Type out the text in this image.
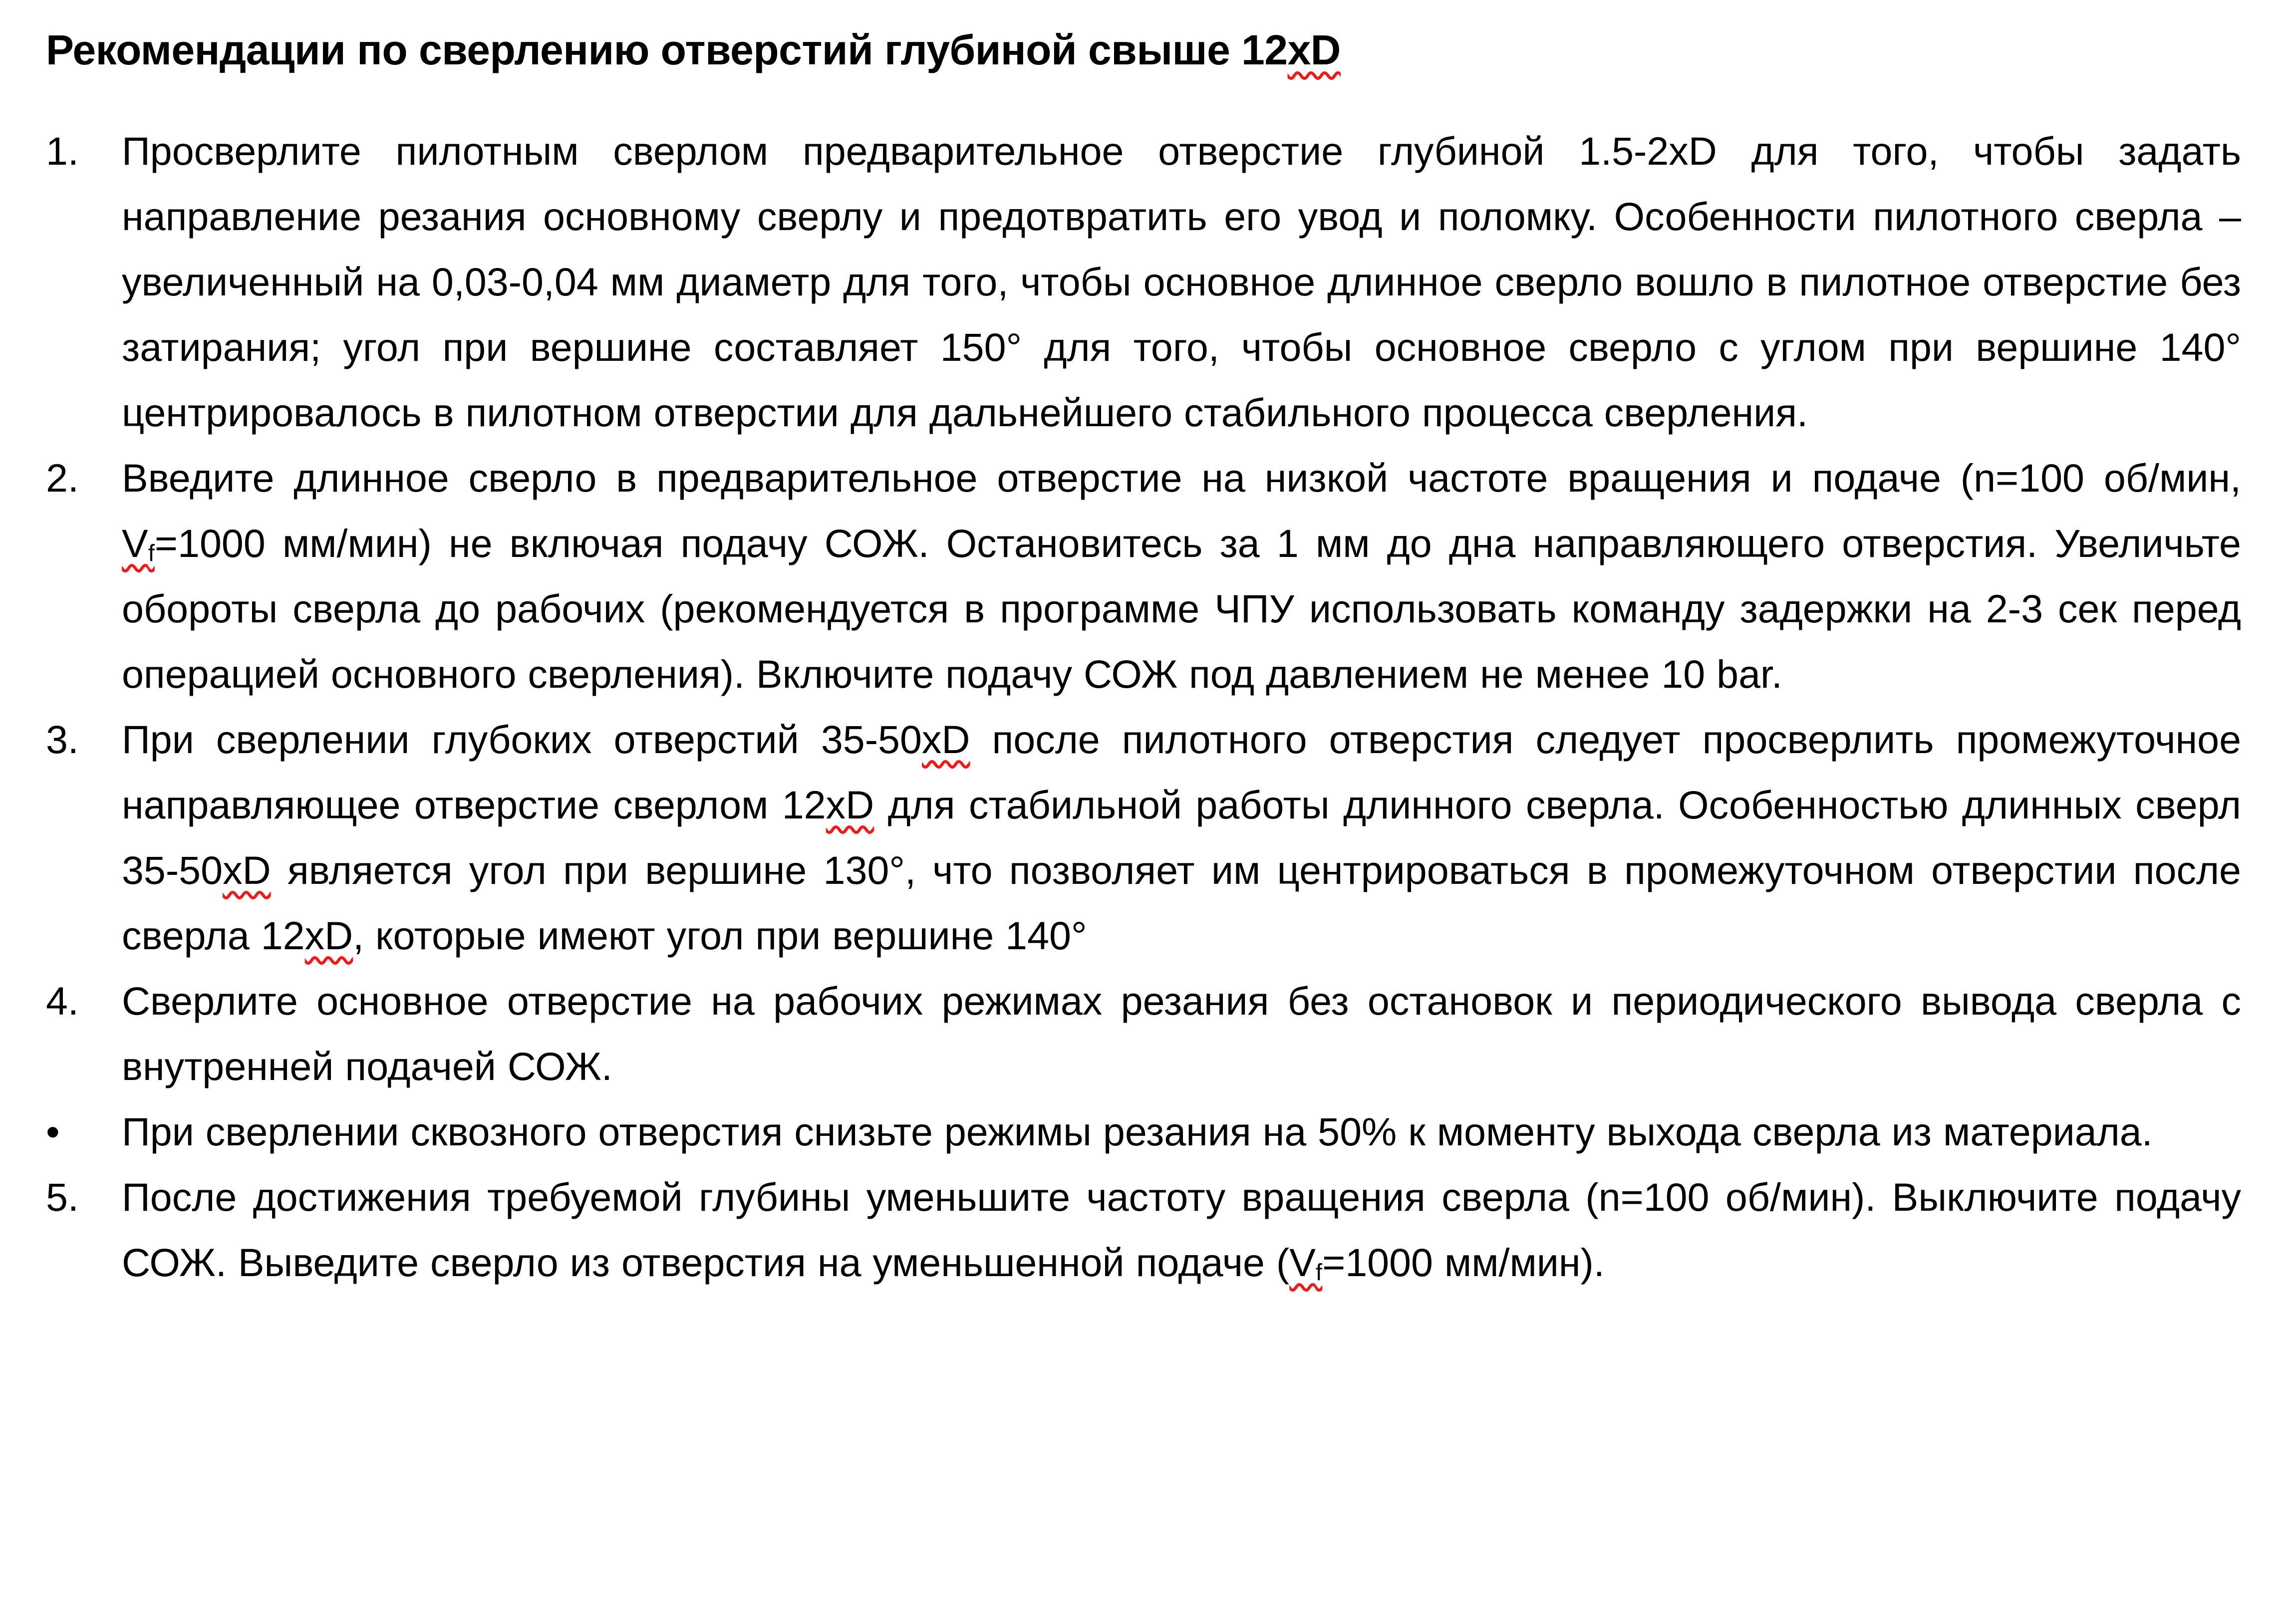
Рекомендации по сверлению отверстий глубиной свыше 12xD
1.	Просверлите пилотным сверлом предварительное отверстие глубиной 1.5-2xD для того, чтобы задать направление резания основному сверлу и предотвратить его увод и поломку. Особенности пилотного сверла – увеличенный на 0,03-0,04 мм диаметр для того, чтобы основное длинное сверло вошло в пилотное отверстие без затирания; угол при вершине составляет 150° для того, чтобы основное сверло с углом при вершине 140° центрировалось в пилотном отверстии для дальнейшего стабильного процесса сверления.
2.	Введите длинное сверло в предварительное отверстие на низкой частоте вращения и подаче (n=100 об/мин, $V_f=1000$ мм/мин) не включая подачу СОЖ. Остановитесь за 1 мм до дна направляющего отверстия. Увеличьте обороты сверла до рабочих (рекомендуется в программе ЧПУ использовать команду задержки на 2-3 сек перед операцией основного сверления). Включите подачу СОЖ под давлением не менее 10 bar.
3.	При сверлении глубоких отверстий 35-50xD после пилотного отверстия следует просверлить промежуточное направляющее отверстие сверлом 12xD для стабильной работы длинного сверла. Особенностью длинных сверл 35-50xD является угол при вершине 130°, что позволяет им центрироваться в промежуточном отверстии после сверла 12xD, которые имеют угол при вершине 140°
4.	Сверлите основное отверстие на рабочих режимах резания без остановок и периодического вывода сверла с внутренней подачей СОЖ.
•	При сверлении сквозного отверстия снизьте режимы резания на 50% к моменту выхода сверла из материала.
5.	После достижения требуемой глубины уменьшите частоту вращения сверла (n=100 об/мин). Выключите подачу СОЖ. Выведите сверло из отверстия на уменьшенной подаче ($V_f=1000$ мм/мин).
